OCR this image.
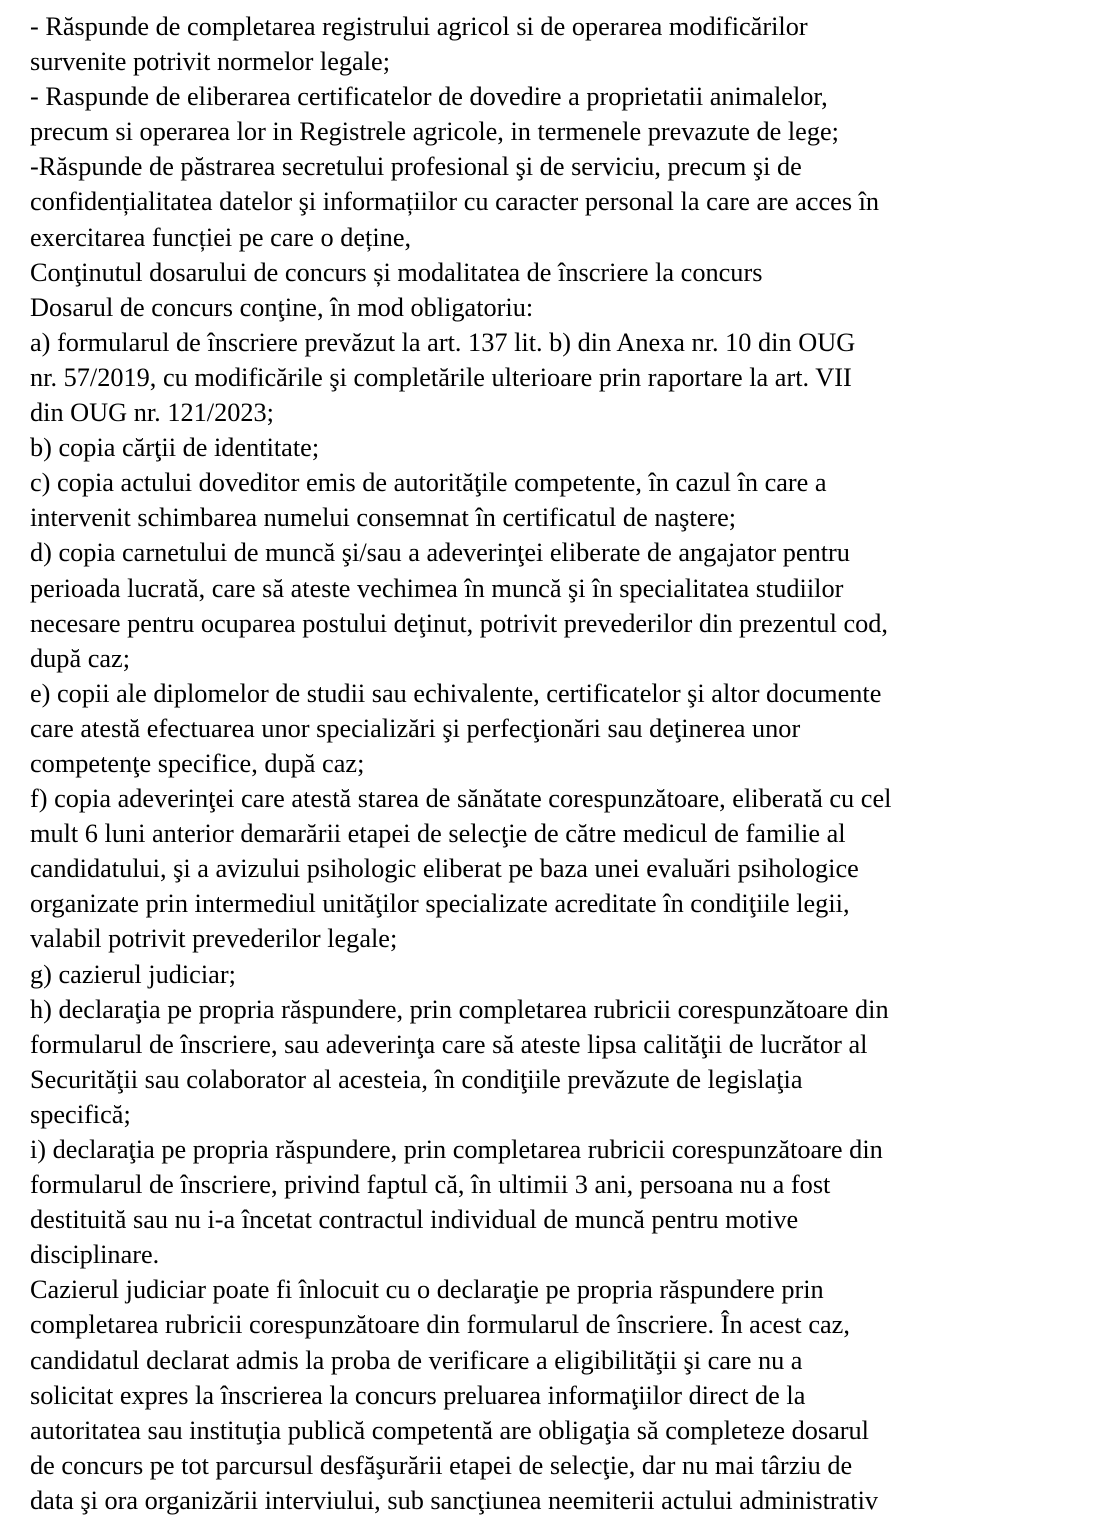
- Răspunde de completarea registrului agricol si de operarea modificărilor
survenite potrivit normelor legale;
- Raspunde de eliberarea certificatelor de dovedire a proprietatii animalelor,
precum si operarea lor in Registrele agricole, in termenele prevazute de lege;
-Răspunde de păstrarea secretului profesional şi de serviciu, precum şi de
confidențialitatea datelor şi informațiilor cu caracter personal la care are acces în
exercitarea funcției pe care o deține,
Conţinutul dosarului de concurs și modalitatea de înscriere la concurs
Dosarul de concurs conţine, în mod obligatoriu:
a) formularul de înscriere prevăzut la art. 137 lit. b) din Anexa nr. 10 din OUG
nr. 57/2019, cu modificările şi completările ulterioare prin raportare la art. VII
din OUG nr. 121/2023;
b) copia cărţii de identitate;
c) copia actului doveditor emis de autorităţile competente, în cazul în care a
intervenit schimbarea numelui consemnat în certificatul de naştere;
d) copia carnetului de muncă şi/sau a adeverinţei eliberate de angajator pentru
perioada lucrată, care să ateste vechimea în muncă şi în specialitatea studiilor
necesare pentru ocuparea postului deţinut, potrivit prevederilor din prezentul cod,
după caz;
e) copii ale diplomelor de studii sau echivalente, certificatelor şi altor documente
care atestă efectuarea unor specializări şi perfecţionări sau deţinerea unor
competenţe specifice, după caz;
f) copia adeverinţei care atestă starea de sănătate corespunzătoare, eliberată cu cel
mult 6 luni anterior demarării etapei de selecţie de către medicul de familie al
candidatului, şi a avizului psihologic eliberat pe baza unei evaluări psihologice
organizate prin intermediul unităţilor specializate acreditate în condiţiile legii,
valabil potrivit prevederilor legale;
g) cazierul judiciar;
h) declaraţia pe propria răspundere, prin completarea rubricii corespunzătoare din
formularul de înscriere, sau adeverinţa care să ateste lipsa calităţii de lucrător al
Securităţii sau colaborator al acesteia, în condiţiile prevăzute de legislaţia
specifică;
i) declaraţia pe propria răspundere, prin completarea rubricii corespunzătoare din
formularul de înscriere, privind faptul că, în ultimii 3 ani, persoana nu a fost
destituită sau nu i-a încetat contractul individual de muncă pentru motive
disciplinare.
Cazierul judiciar poate fi înlocuit cu o declaraţie pe propria răspundere prin
completarea rubricii corespunzătoare din formularul de înscriere. În acest caz,
candidatul declarat admis la proba de verificare a eligibilităţii şi care nu a
solicitat expres la înscrierea la concurs preluarea informaţiilor direct de la
autoritatea sau instituţia publică competentă are obligaţia să completeze dosarul
de concurs pe tot parcursul desfăşurării etapei de selecţie, dar nu mai târziu de
data şi ora organizării interviului, sub sancţiunea neemiterii actului administrativ
